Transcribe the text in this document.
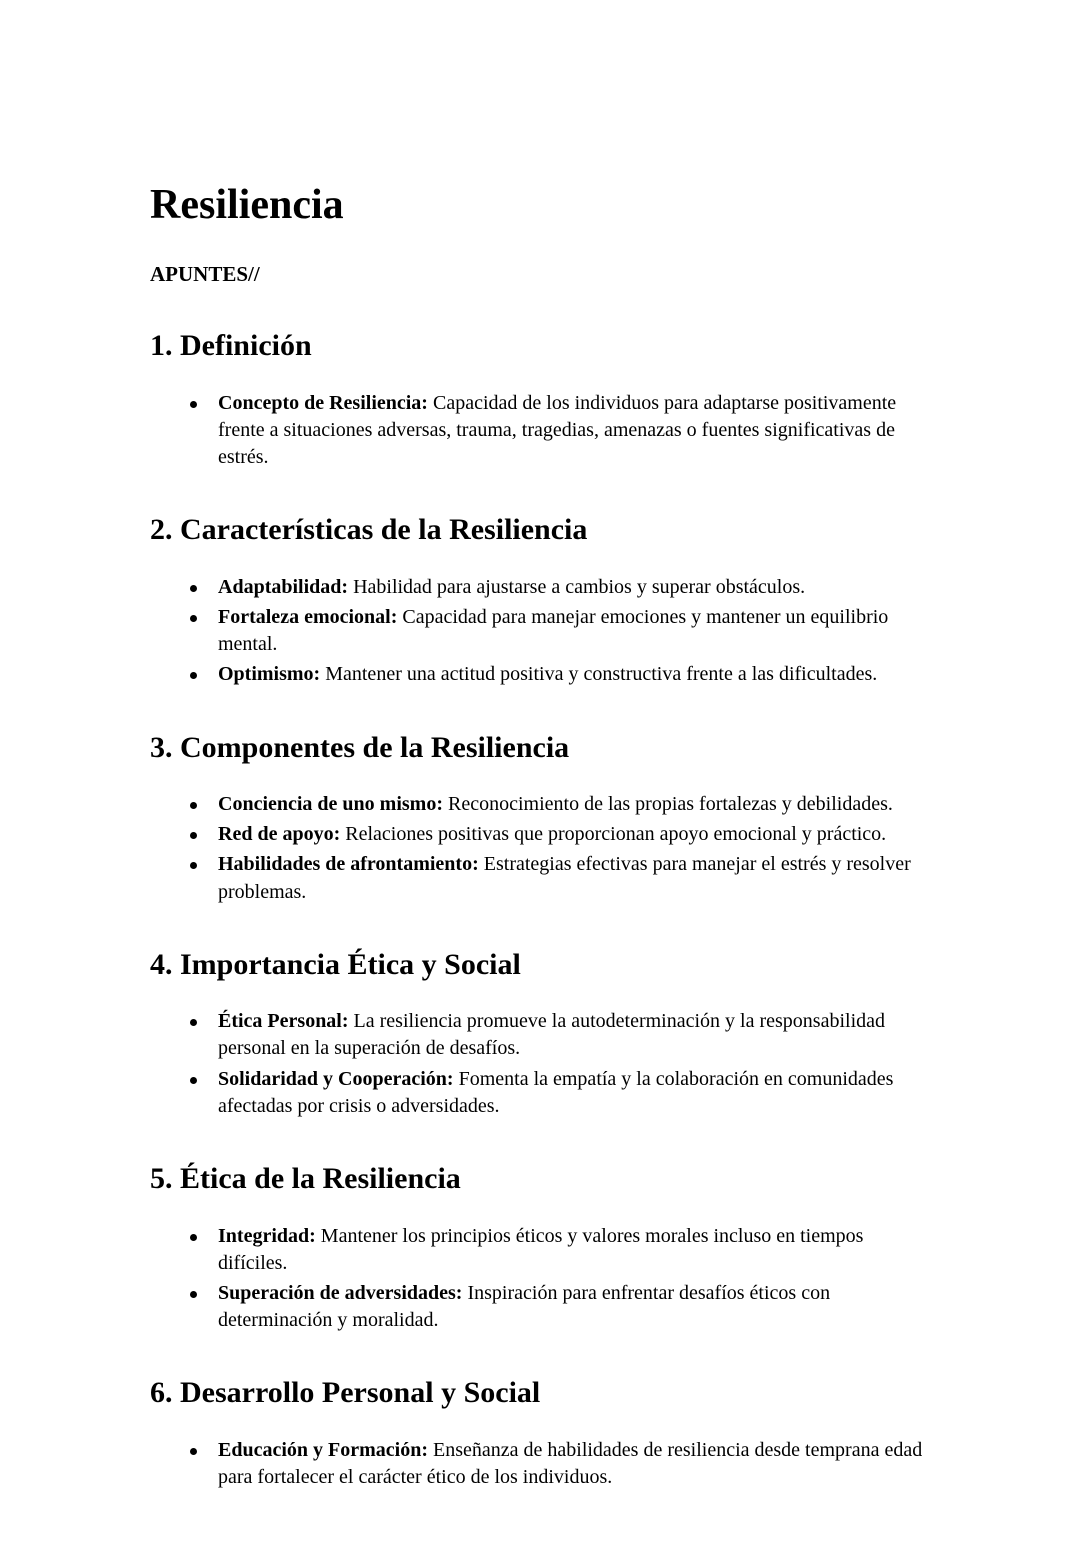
Resiliencia
APUNTES//
1. Definición
Concepto de Resiliencia: Capacidad de los individuos para adaptarse positivamente frente a situaciones adversas, trauma, tragedias, amenazas o fuentes significativas de estrés.
2. Características de la Resiliencia
Adaptabilidad: Habilidad para ajustarse a cambios y superar obstáculos.
Fortaleza emocional: Capacidad para manejar emociones y mantener un equilibrio mental.
Optimismo: Mantener una actitud positiva y constructiva frente a las dificultades.
3. Componentes de la Resiliencia
Conciencia de uno mismo: Reconocimiento de las propias fortalezas y debilidades.
Red de apoyo: Relaciones positivas que proporcionan apoyo emocional y práctico.
Habilidades de afrontamiento: Estrategias efectivas para manejar el estrés y resolver problemas.
4. Importancia Ética y Social
Ética Personal: La resiliencia promueve la autodeterminación y la responsabilidad personal en la superación de desafíos.
Solidaridad y Cooperación: Fomenta la empatía y la colaboración en comunidades afectadas por crisis o adversidades.
5. Ética de la Resiliencia
Integridad: Mantener los principios éticos y valores morales incluso en tiempos difíciles.
Superación de adversidades: Inspiración para enfrentar desafíos éticos con determinación y moralidad.
6. Desarrollo Personal y Social
Educación y Formación: Enseñanza de habilidades de resiliencia desde temprana edad para fortalecer el carácter ético de los individuos.
